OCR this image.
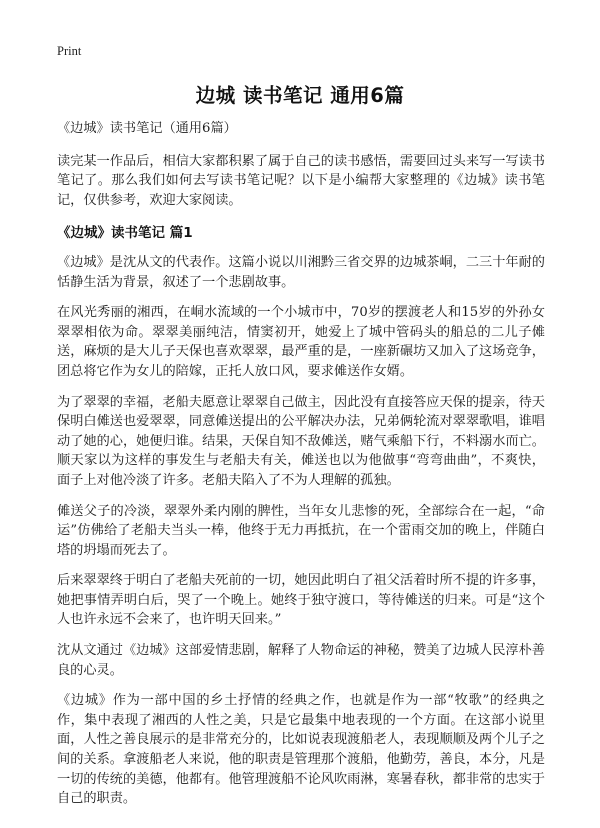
Print
边城 读书笔记 通用6篇

《边城》读书笔记（通用6篇）

读完某一作品后，相信大家都积累了属于自己的读书感悟，需要回过头来写一写读书笔记了。那么我们如何去写读书笔记呢？以下是小编帮大家整理的《边城》读书笔记，仅供参考，欢迎大家阅读。

《边城》读书笔记 篇1

《边城》是沈从文的代表作。这篇小说以川湘黔三省交界的边城茶峒，二三十年耐的恬静生活为背景，叙述了一个悲剧故事。

在风光秀丽的湘西，在峒水流域的一个小城市中，70岁的摆渡老人和15岁的外孙女翠翠相依为命。翠翠美丽纯洁，情窦初开，她爱上了城中管码头的船总的二儿子傩送，麻烦的是大儿子天保也喜欢翠翠，最严重的是，一座新碾坊又加入了这场竞争，团总将它作为女儿的陪嫁，正托人放口风，要求傩送作女婿。

为了翠翠的幸福，老船夫愿意让翠翠自己做主，因此没有直接答应天保的提亲，待天保明白傩送也爱翠翠，同意傩送提出的公平解决办法，兄弟俩轮流对翠翠歌唱，谁唱动了她的心，她便归谁。结果，天保自知不敌傩送，赌气乘船下行，不料溺水而亡。顺天家以为这样的事发生与老船夫有关，傩送也以为他做事“弯弯曲曲”，不爽快，面子上对他冷淡了许多。老船夫陷入了不为人理解的孤独。

傩送父子的冷淡，翠翠外柔内刚的脾性，当年女儿悲惨的死，全部综合在一起，“命运”仿佛给了老船夫当头一棒，他终于无力再抵抗，在一个雷雨交加的晚上，伴随白塔的坍塌而死去了。

后来翠翠终于明白了老船夫死前的一切，她因此明白了祖父活着时所不提的许多事，她把事情弄明白后，哭了一个晚上。她终于独守渡口，等待傩送的归来。可是“这个人也许永远不会来了，也许明天回来。”

沈从文通过《边城》这部爱情悲剧，解释了人物命运的神秘，赞美了边城人民淳朴善良的心灵。

《边城》作为一部中国的乡土抒情的经典之作，也就是作为一部“牧歌”的经典之作，集中表现了湘西的人性之美，只是它最集中地表现的一个方面。在这部小说里面，人性之善良展示的是非常充分的，比如说表现渡船老人，表现顺顺及两个儿子之间的关系。拿渡船老人来说，他的职责是管理那个渡船，他勤劳，善良，本分，凡是一切的传统的美德，他都有。他管理渡船不论风吹雨淋，寒暑春秋，都非常的忠实于自己的职责。
